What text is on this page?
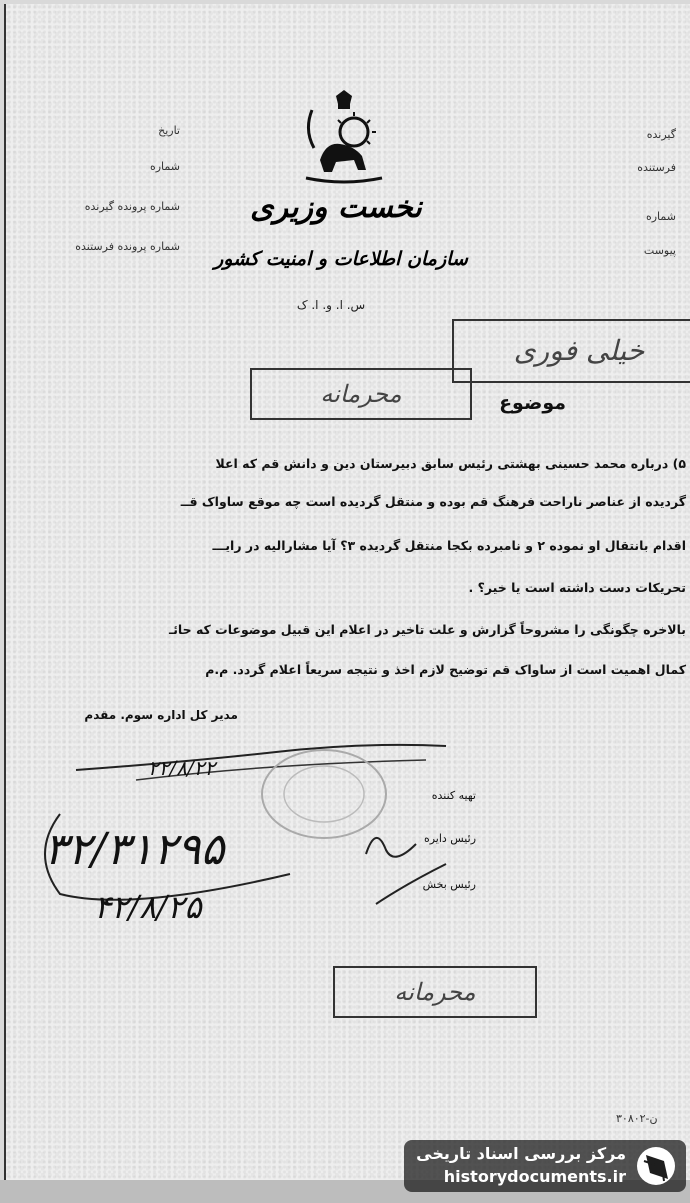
گیرنده
فرستنده
شماره
پیوست
تاریخ
شماره
شماره پرونده گیرنده
شماره پرونده فرستنده
نخست وزیری
سازمان اطلاعات و امنیت کشور
س. ا. و. ا. ک
خیلی فوری
محرمانه	موضوع
۵) درباره محمد حسینی بهشتی رئیس سابق دبیرستان دین و دانش قم که اعلا
گردیده از عناصر ناراحت فرهنگ قم بوده و منتقل گردیده است چه موقع ساواک قــ
اقدام بانتقال او نموده ۲ و نامبرده بکجا منتقل گردیده ۳؟ آیا مشارالیه در رایـــ
تحریکات دست داشته است یا خیر؟ .
بالاخره چگونگی را مشروحاً گزارش و علت تاخیر در اعلام این قبیل موضوعات که حائـ
کمال اهمیت است از ساواک قم توضیح لازم اخذ و نتیجه سریعاً اعلام گردد. م.م
مدیر کل اداره سوم. مقدم
۲۲/۸/۲۲
تهیه کننده
رئیس دایره
رئیس بخش
۳۲/۳۱۲۹۵
۴۲/۸/۲۵
محرمانه
۳۰۸۰۲-ن
مرکز بررسی اسناد تاریخی
historydocuments.ir
